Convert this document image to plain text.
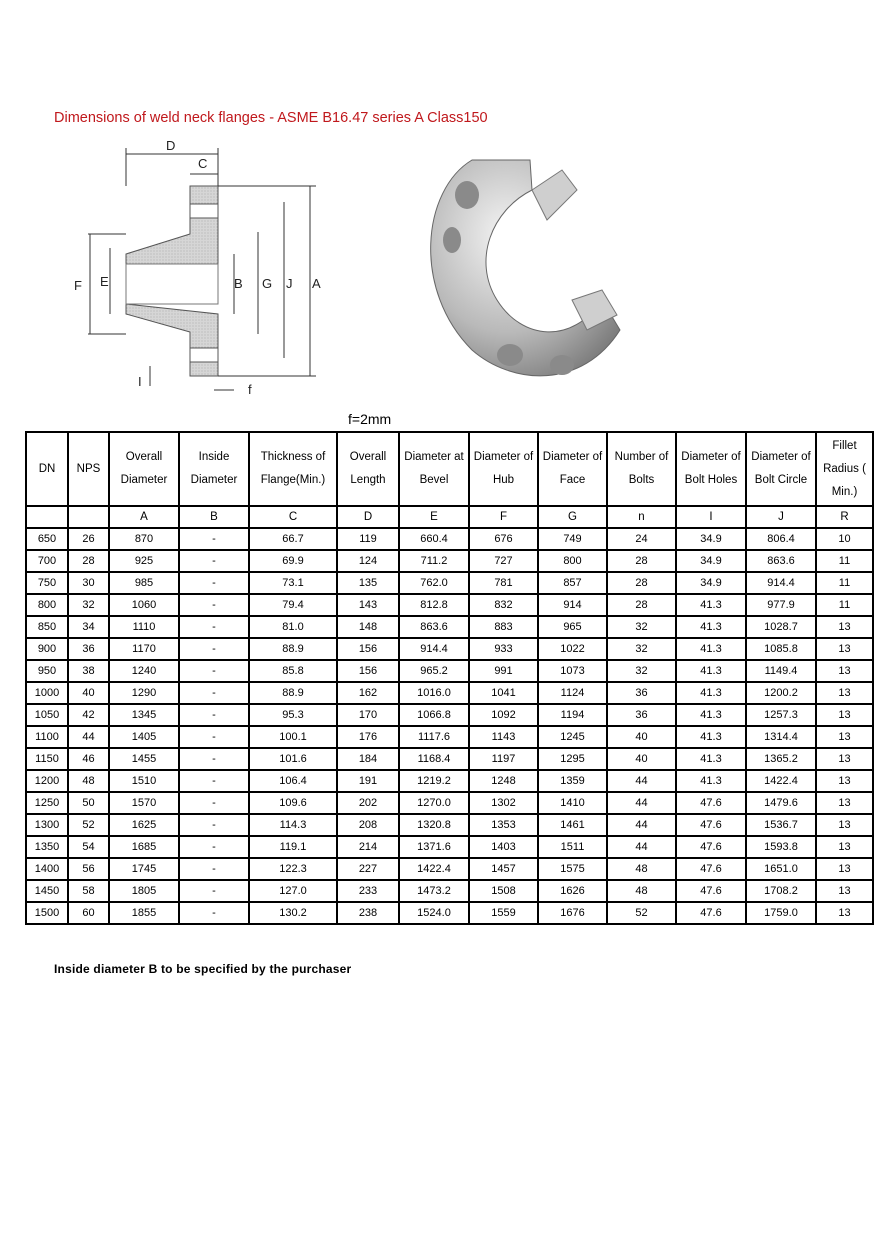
Dimensions of weld neck flanges - ASME B16.47 series A Class150
D
C
F E	B G J A
I
f
f=2mm
DN	NPS	Overall Diameter	Inside Diameter	Thickness of Flange(Min.)	Overall Length	Diameter at Bevel	Diameter of Hub	Diameter of Face	Number of Bolts	Diameter of Bolt Holes	Diameter of Bolt Circle	Fillet Radius ( Min.)
		A	B	C	D	E	F	G	n	I	J	R
650	26	870	-	66.7	119	660.4	676	749	24	34.9	806.4	10
700	28	925	-	69.9	124	711.2	727	800	28	34.9	863.6	11
750	30	985	-	73.1	135	762.0	781	857	28	34.9	914.4	11
800	32	1060	-	79.4	143	812.8	832	914	28	41.3	977.9	11
850	34	1110	-	81.0	148	863.6	883	965	32	41.3	1028.7	13
900	36	1170	-	88.9	156	914.4	933	1022	32	41.3	1085.8	13
950	38	1240	-	85.8	156	965.2	991	1073	32	41.3	1149.4	13
1000	40	1290	-	88.9	162	1016.0	1041	1124	36	41.3	1200.2	13
1050	42	1345	-	95.3	170	1066.8	1092	1194	36	41.3	1257.3	13
1100	44	1405	-	100.1	176	1117.6	1143	1245	40	41.3	1314.4	13
1150	46	1455	-	101.6	184	1168.4	1197	1295	40	41.3	1365.2	13
1200	48	1510	-	106.4	191	1219.2	1248	1359	44	41.3	1422.4	13
1250	50	1570	-	109.6	202	1270.0	1302	1410	44	47.6	1479.6	13
1300	52	1625	-	114.3	208	1320.8	1353	1461	44	47.6	1536.7	13
1350	54	1685	-	119.1	214	1371.6	1403	1511	44	47.6	1593.8	13
1400	56	1745	-	122.3	227	1422.4	1457	1575	48	47.6	1651.0	13
1450	58	1805	-	127.0	233	1473.2	1508	1626	48	47.6	1708.2	13
1500	60	1855	-	130.2	238	1524.0	1559	1676	52	47.6	1759.0	13
Inside diameter B to be specified by the purchaser
